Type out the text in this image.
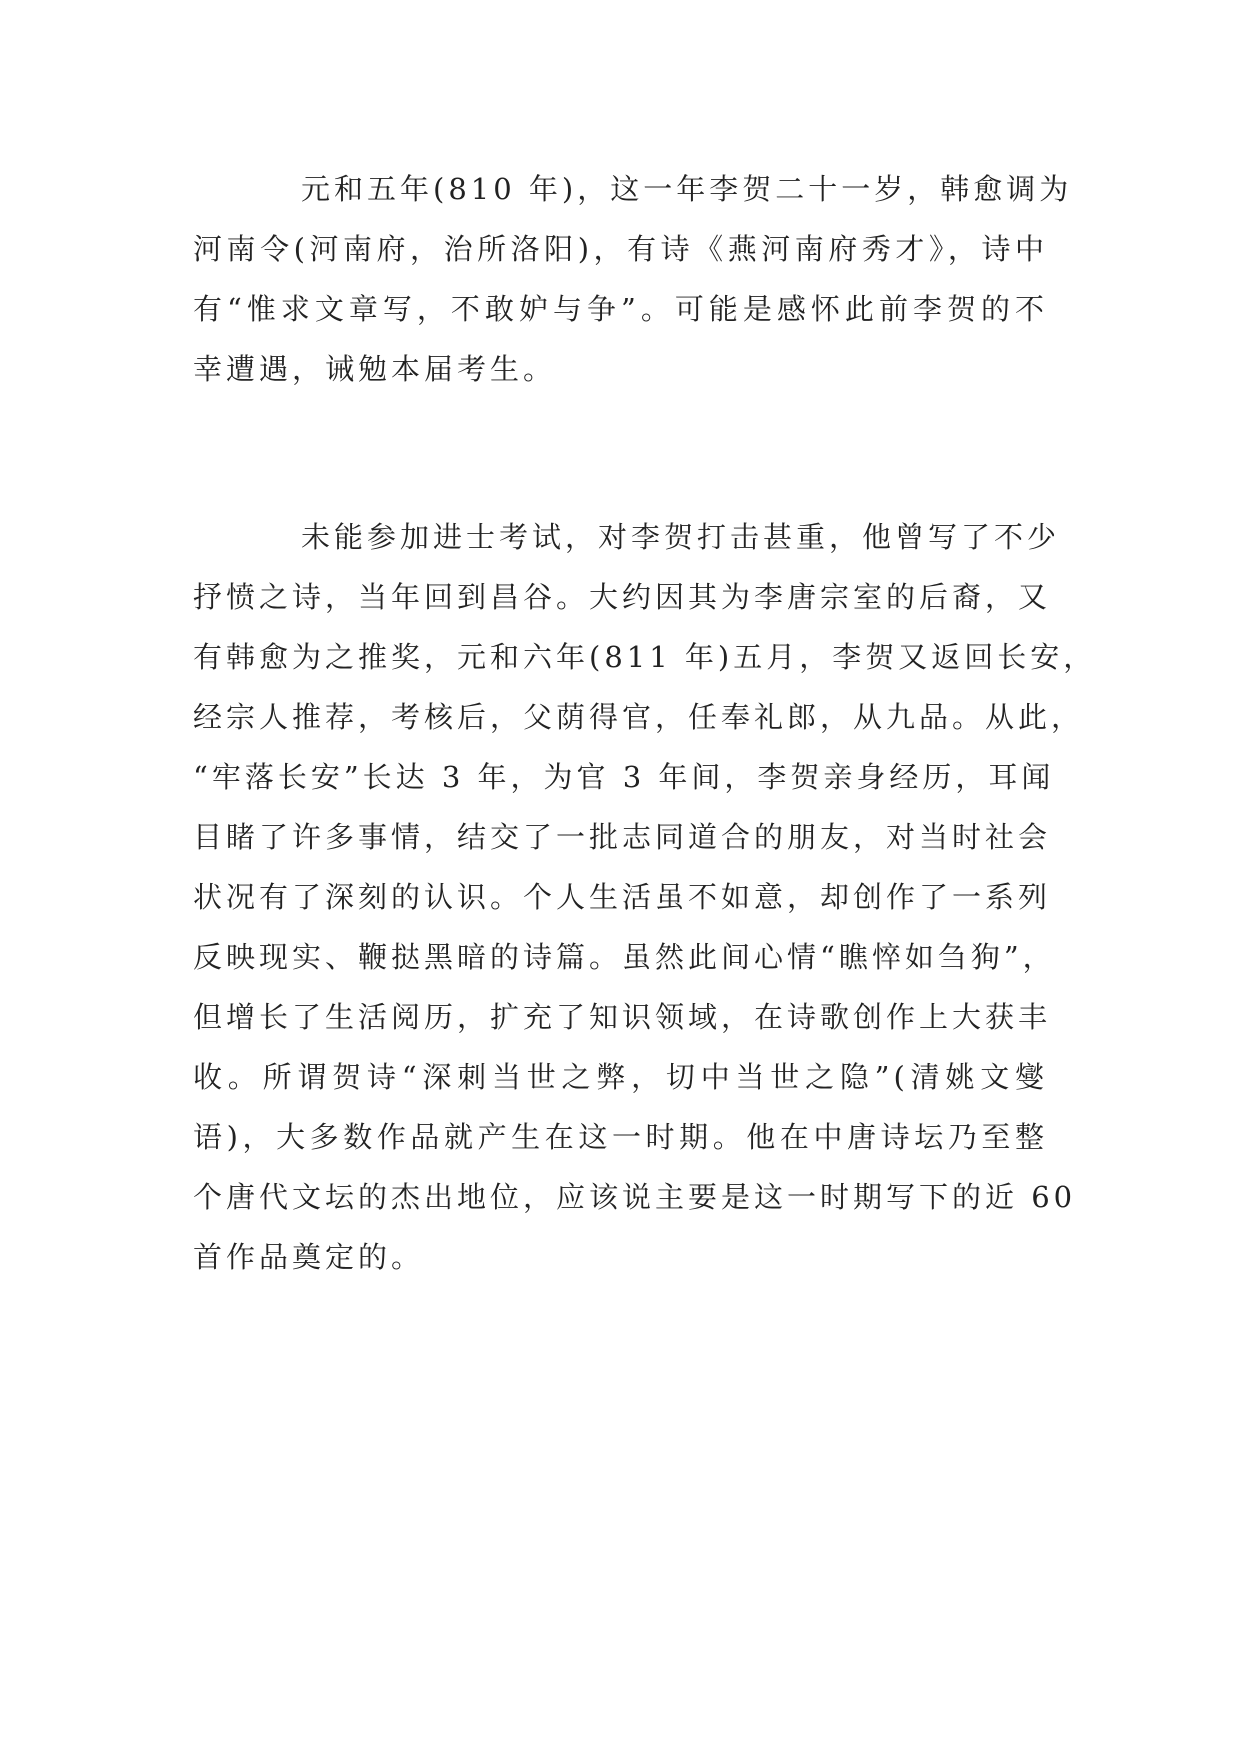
元和五年(810 年)，这一年李贺二十一岁，韩愈调为
河南令(河南府，治所洛阳)，有诗《燕河南府秀才》，诗中
有“惟求文章写，不敢妒与争”。可能是感怀此前李贺的不
幸遭遇，诫勉本届考生。
未能参加进士考试，对李贺打击甚重，他曾写了不少
抒愤之诗，当年回到昌谷。大约因其为李唐宗室的后裔，又
有韩愈为之推奖，元和六年(811 年)五月，李贺又返回长安，
经宗人推荐，考核后，父荫得官，任奉礼郎，从九品。从此，
“牢落长安”长达 3 年，为官 3 年间，李贺亲身经历，耳闻
目睹了许多事情，结交了一批志同道合的朋友，对当时社会
状况有了深刻的认识。个人生活虽不如意，却创作了一系列
反映现实、鞭挞黑暗的诗篇。虽然此间心情“瞧悴如刍狗”，
但增长了生活阅历，扩充了知识领域，在诗歌创作上大获丰
收。所谓贺诗“深刺当世之弊，切中当世之隐”(清姚文燮
语)，大多数作品就产生在这一时期。他在中唐诗坛乃至整
个唐代文坛的杰出地位，应该说主要是这一时期写下的近 60
首作品奠定的。
